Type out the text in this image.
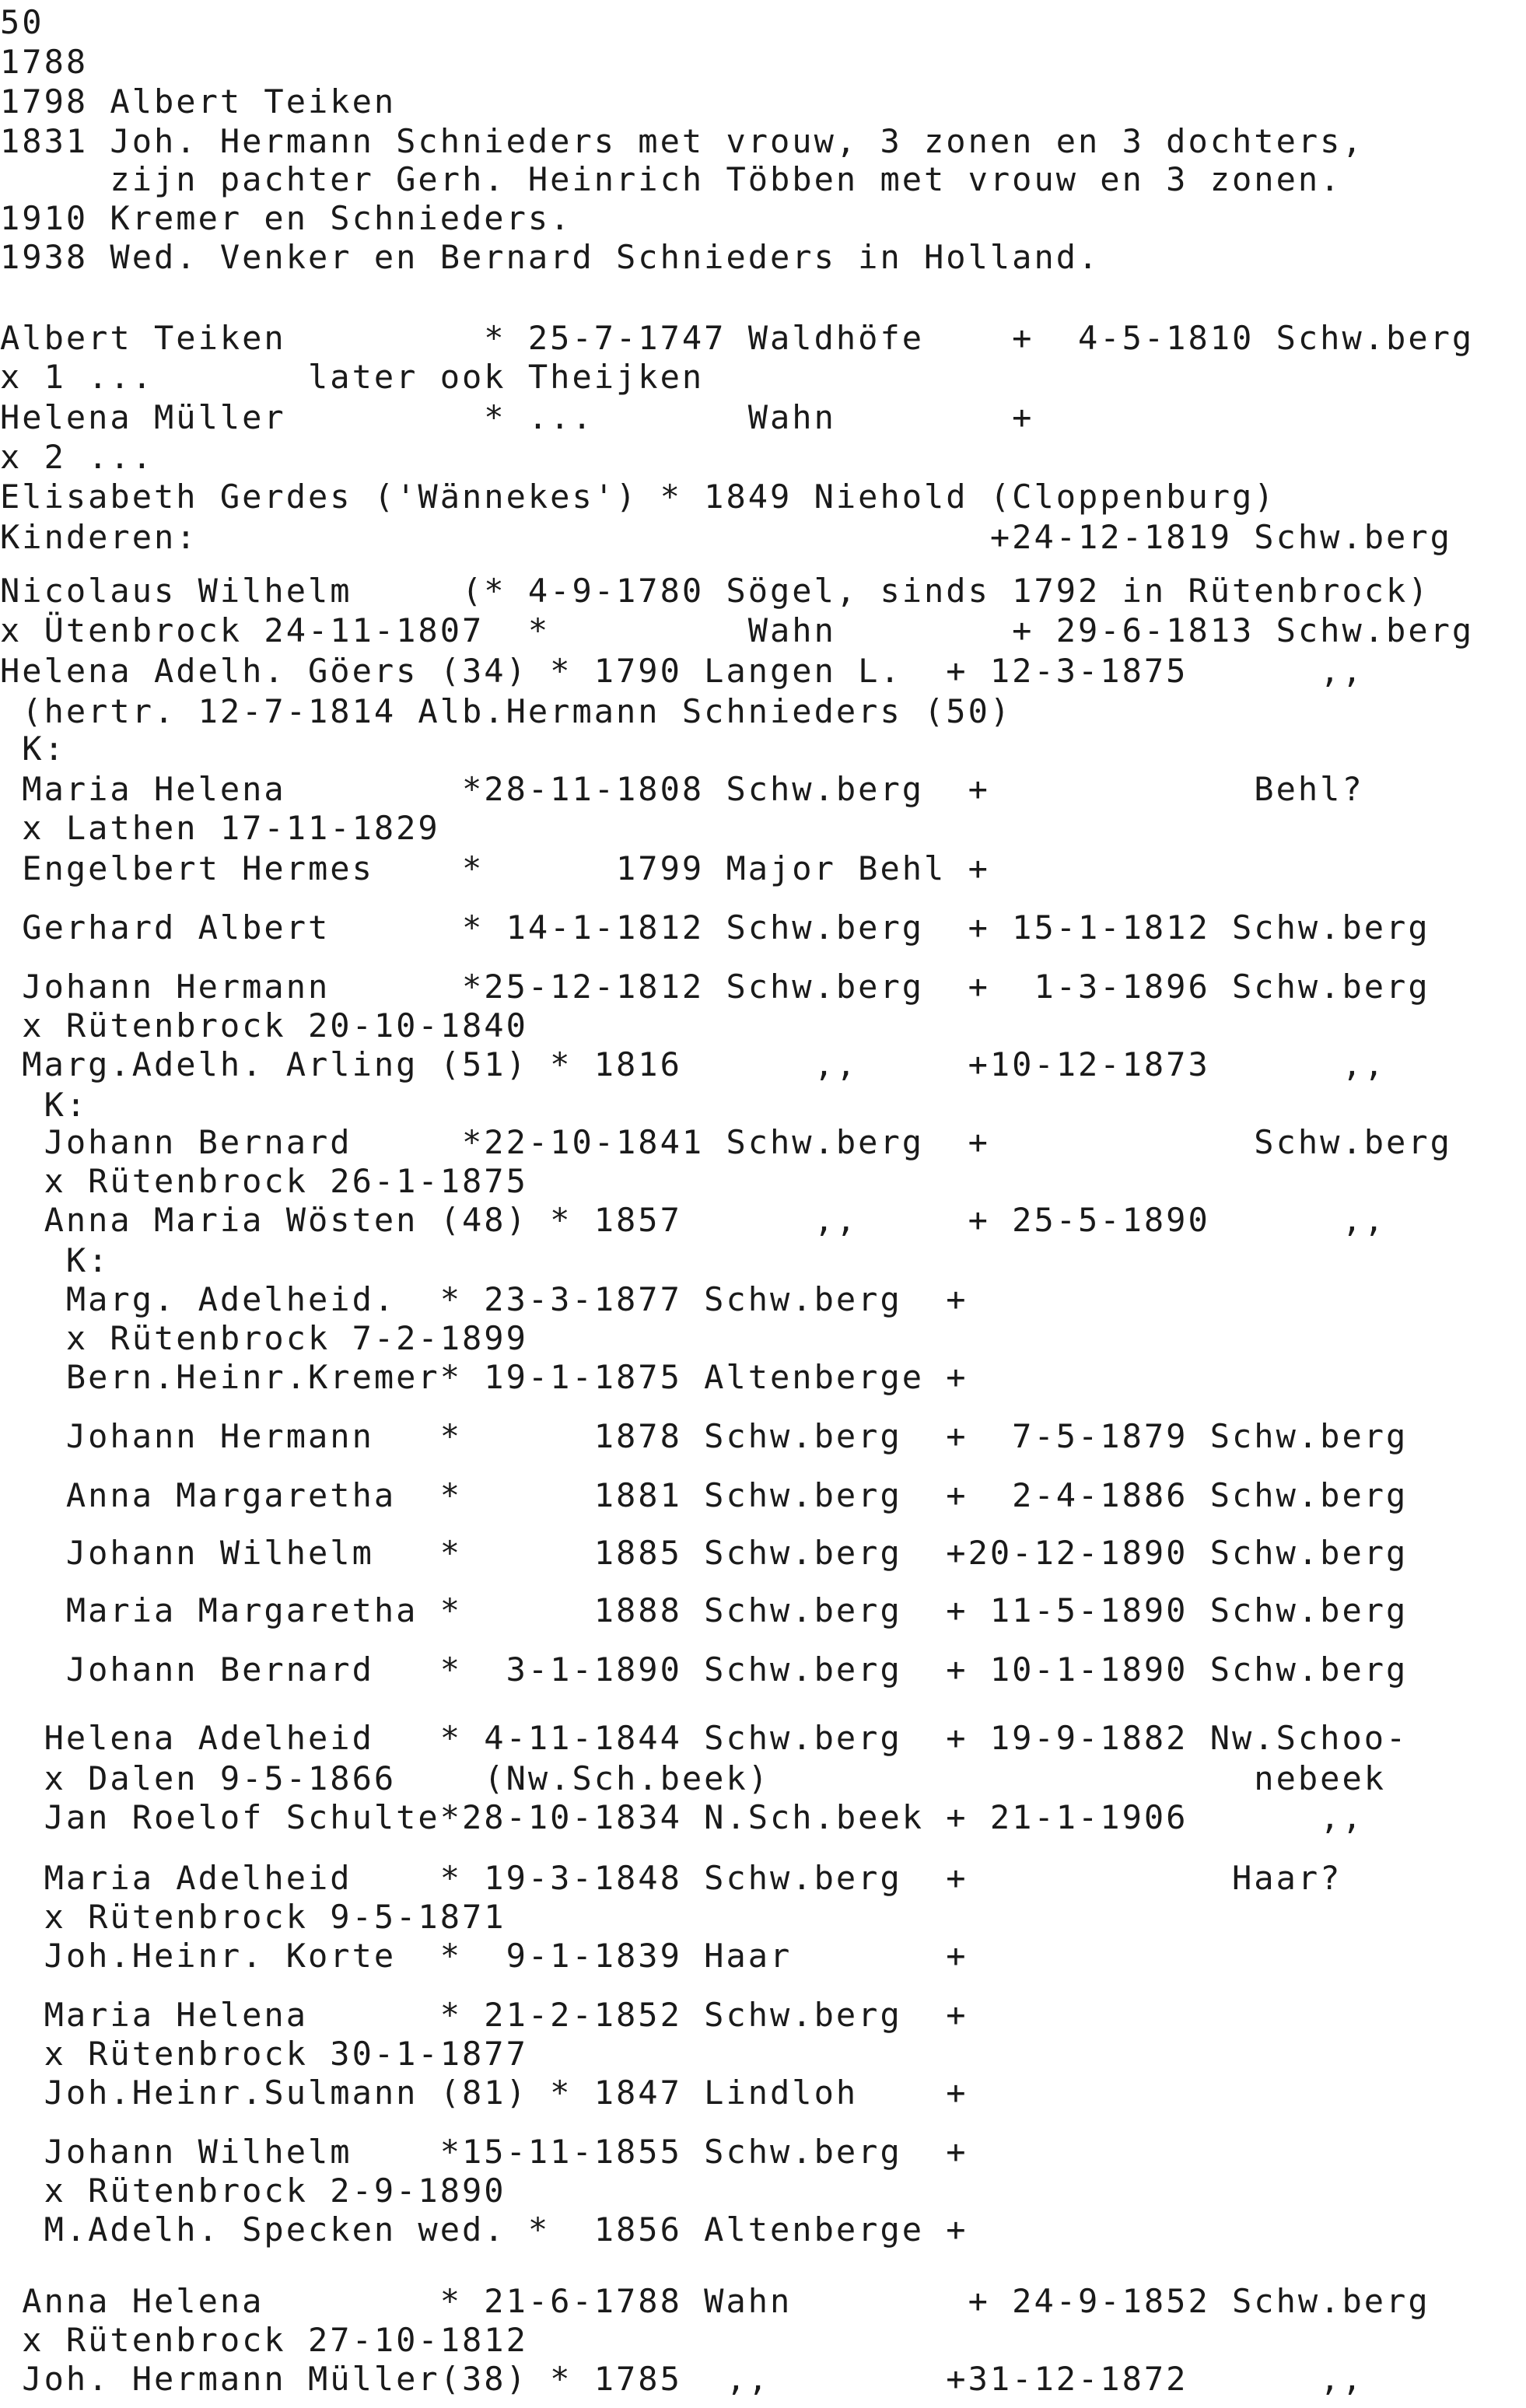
50
1788
1798 Albert Teiken
1831 Joh. Hermann Schnieders met vrouw, 3 zonen en 3 dochters,
zijn pachter Gerh. Heinrich Többen met vrouw en 3 zonen.
1910 Kremer en Schnieders.
1938 Wed. Venker en Bernard Schnieders in Holland.
Albert Teiken         * 25-7-1747 Waldhöfe    +  4-5-1810 Schw.berg
x 1 ...       later ook Theijken
Helena Müller         * ...       Wahn        +
x 2 ...
Elisabeth Gerdes ('Wännekes') * 1849 Niehold (Cloppenburg)
Kinderen:                                    +24-12-1819 Schw.berg
Nicolaus Wilhelm     (* 4-9-1780 Sögel, sinds 1792 in Rütenbrock)
x Ütenbrock 24-11-1807  *         Wahn        + 29-6-1813 Schw.berg
Helena Adelh. Göers (34) * 1790 Langen L.  + 12-3-1875      ,,
(hertr. 12-7-1814 Alb.Hermann Schnieders (50)
K:
Maria Helena        *28-11-1808 Schw.berg  +            Behl?
x Lathen 17-11-1829
Engelbert Hermes    *      1799 Major Behl +
Gerhard Albert      * 14-1-1812 Schw.berg  + 15-1-1812 Schw.berg
Johann Hermann      *25-12-1812 Schw.berg  +  1-3-1896 Schw.berg
x Rütenbrock 20-10-1840
Marg.Adelh. Arling (51) * 1816      ,,     +10-12-1873      ,,
K:
Johann Bernard     *22-10-1841 Schw.berg  +            Schw.berg
x Rütenbrock 26-1-1875
Anna Maria Wösten (48) * 1857      ,,     + 25-5-1890      ,,
K:
Marg. Adelheid.  * 23-3-1877 Schw.berg  +
x Rütenbrock 7-2-1899
Bern.Heinr.Kremer* 19-1-1875 Altenberge +
Johann Hermann   *      1878 Schw.berg  +  7-5-1879 Schw.berg
Anna Margaretha  *      1881 Schw.berg  +  2-4-1886 Schw.berg
Johann Wilhelm   *      1885 Schw.berg  +20-12-1890 Schw.berg
Maria Margaretha *      1888 Schw.berg  + 11-5-1890 Schw.berg
Johann Bernard   *  3-1-1890 Schw.berg  + 10-1-1890 Schw.berg
Helena Adelheid   * 4-11-1844 Schw.berg  + 19-9-1882 Nw.Schoo-
x Dalen 9-5-1866    (Nw.Sch.beek)                      nebeek
Jan Roelof Schulte*28-10-1834 N.Sch.beek + 21-1-1906      ,,
Maria Adelheid    * 19-3-1848 Schw.berg  +            Haar?
x Rütenbrock 9-5-1871
Joh.Heinr. Korte  *  9-1-1839 Haar       +
Maria Helena      * 21-2-1852 Schw.berg  +
x Rütenbrock 30-1-1877
Joh.Heinr.Sulmann (81) * 1847 Lindloh    +
Johann Wilhelm    *15-11-1855 Schw.berg  +
x Rütenbrock 2-9-1890
M.Adelh. Specken wed. *  1856 Altenberge +
Anna Helena        * 21-6-1788 Wahn        + 24-9-1852 Schw.berg
x Rütenbrock 27-10-1812
Joh. Hermann Müller(38) * 1785  ,,        +31-12-1872      ,,
